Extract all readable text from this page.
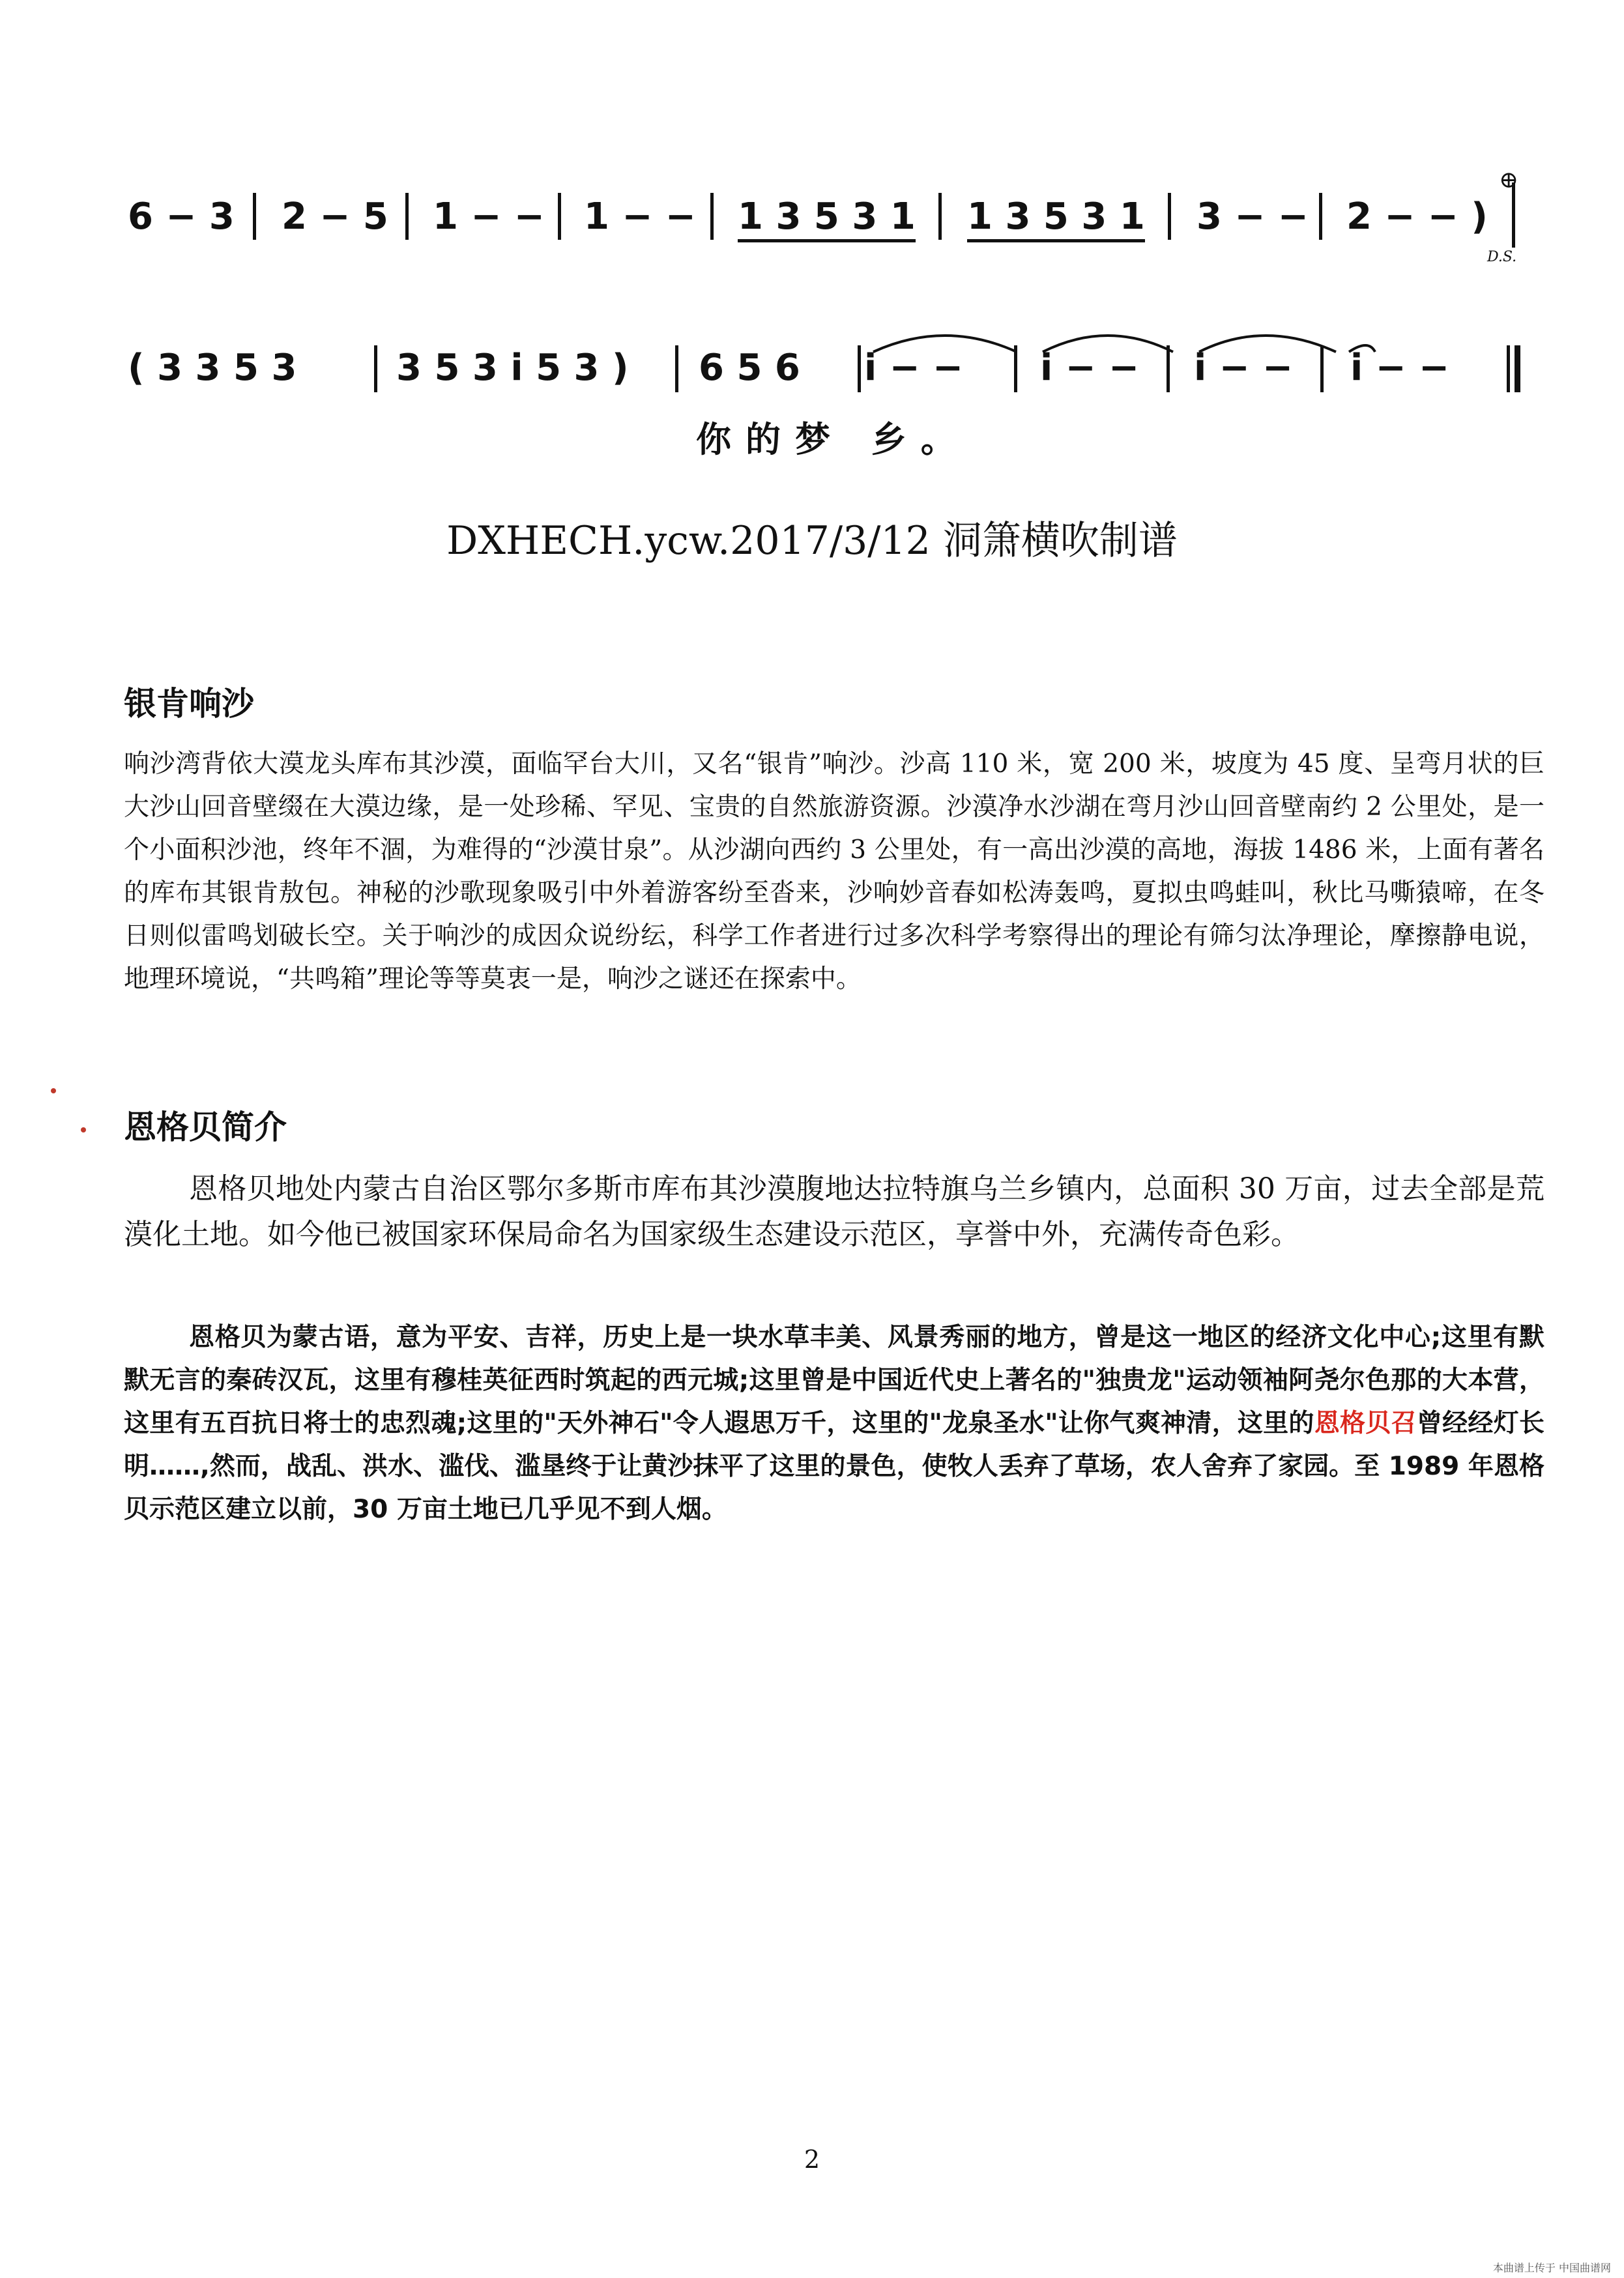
6 − 3 2 − 5 1 − − 1 − − 1 3 5 3 1 1 3 5 3 1 3 − − 2 − − )
⊕
D.S.
( 3 3 5 3	3 5 3 i 5 3 ) 6 5 6 i − − i − − i − − i − −
你的梦 乡。
DXHECH.ycw.2017/3/12 洞箫横吹制谱
银肯响沙
响沙湾背依大漠龙头库布其沙漠，面临罕台大川，又名“银肯”响沙。沙高 110 米，宽 200 米，坡度为 45 度、呈弯月状的巨大沙山回音壁缀在大漠边缘，是一处珍稀、罕见、宝贵的自然旅游资源。沙漠净水沙湖在弯月沙山回音壁南约 2 公里处，是一个小面积沙池，终年不涸，为难得的“沙漠甘泉”。从沙湖向西约 3 公里处，有一高出沙漠的高地，海拔 1486 米，上面有著名的库布其银肯敖包。神秘的沙歌现象吸引中外着游客纷至沓来，沙响妙音春如松涛轰鸣，夏拟虫鸣蛙叫，秋比马嘶猿啼，在冬日则似雷鸣划破长空。关于响沙的成因众说纷纭，科学工作者进行过多次科学考察得出的理论有筛匀汰净理论，摩擦静电说，地理环境说，“共鸣箱”理论等等莫衷一是，响沙之谜还在探索中。
恩格贝简介
恩格贝地处内蒙古自治区鄂尔多斯市库布其沙漠腹地达拉特旗乌兰乡镇内，总面积 30 万亩，过去全部是荒漠化土地。如今他已被国家环保局命名为国家级生态建设示范区，享誉中外，充满传奇色彩。
恩格贝为蒙古语，意为平安、吉祥，历史上是一块水草丰美、风景秀丽的地方，曾是这一地区的经济文化中心;这里有默默无言的秦砖汉瓦，这里有穆桂英征西时筑起的西元城;这里曾是中国近代史上著名的"独贵龙"运动领袖阿尧尔色那的大本营，这里有五百抗日将士的忠烈魂;这里的"天外神石"令人遐思万千，这里的"龙泉圣水"让你气爽神清，这里的恩格贝召曾经经灯长明……,然而，战乱、洪水、滥伐、滥垦终于让黄沙抹平了这里的景色，使牧人丢弃了草场，农人舍弃了家园。至 1989 年恩格贝示范区建立以前，30 万亩土地已几乎见不到人烟。
2
本曲谱上传于 中国曲谱网
